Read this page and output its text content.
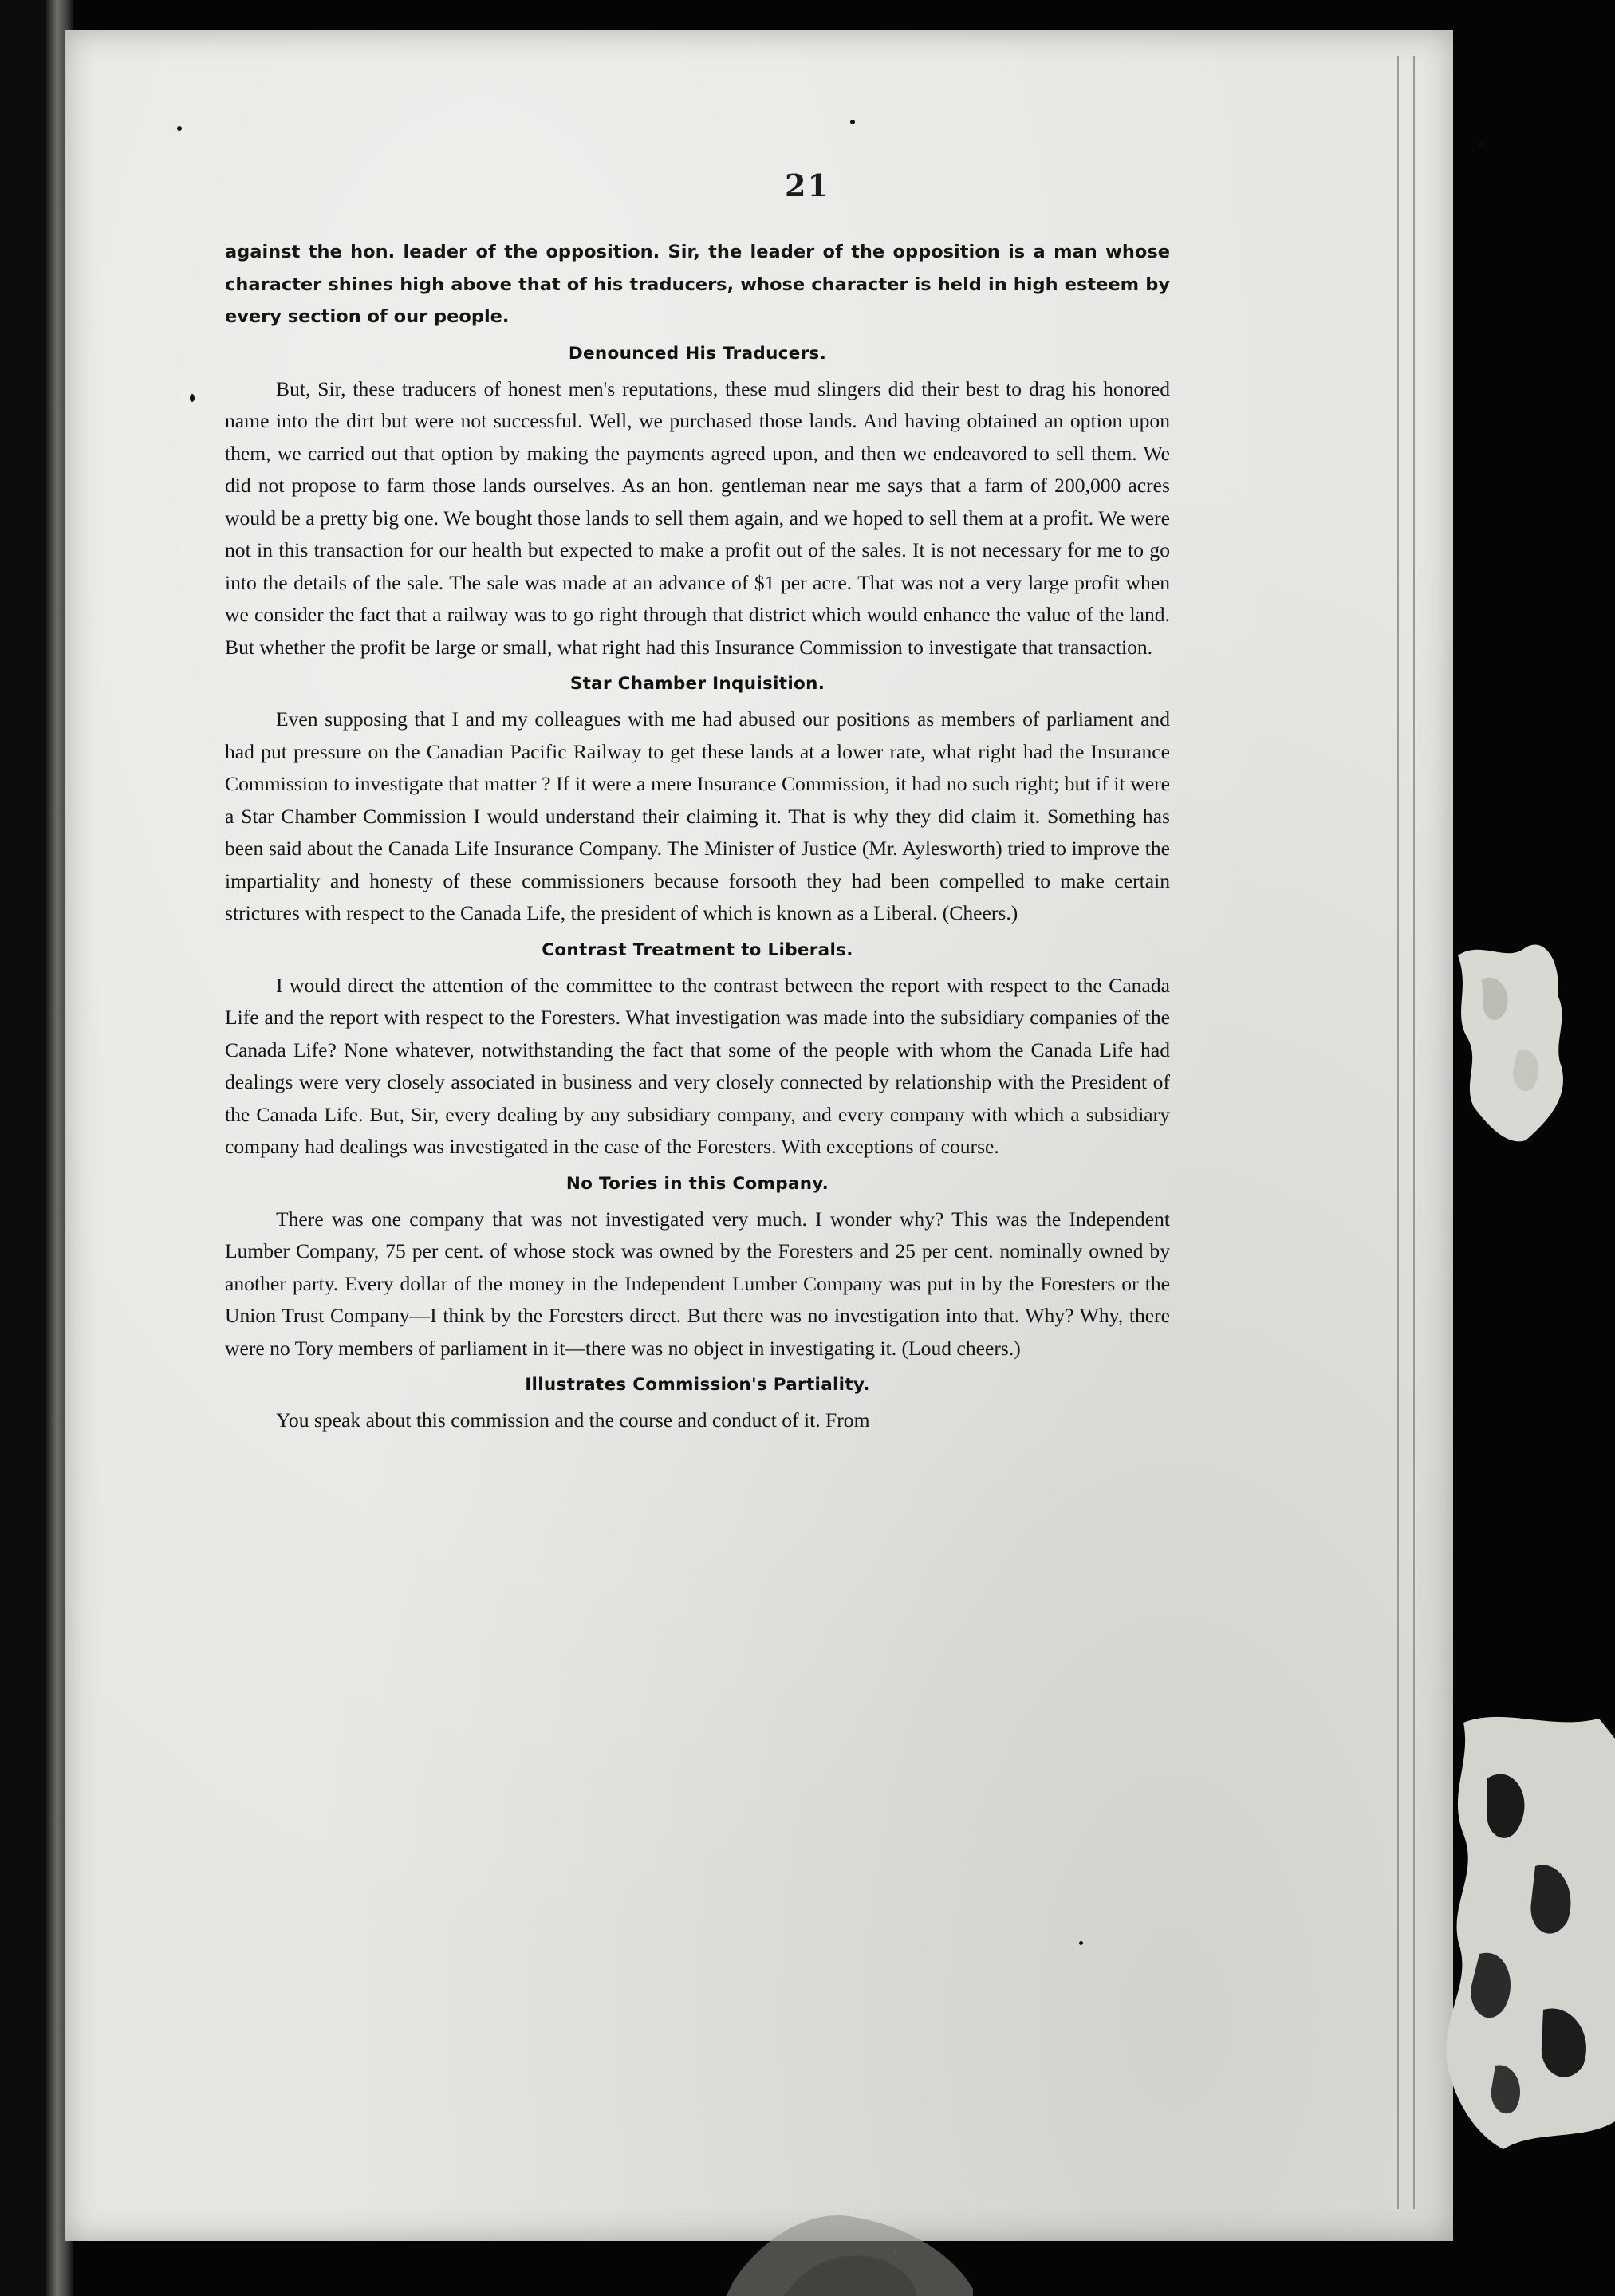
21

against the hon. leader of the opposition. Sir, the leader of the opposition is a man whose character shines high above that of his traducers, whose character is held in high esteem by every section of our people.

Denounced His Traducers.

But, Sir, these traducers of honest men's reputations, these mud slingers did their best to drag his honored name into the dirt but were not successful. Well, we purchased those lands. And having obtained an option upon them, we carried out that option by making the payments agreed upon, and then we endeavored to sell them. We did not propose to farm those lands ourselves. As an hon. gentleman near me says that a farm of 200,000 acres would be a pretty big one. We bought those lands to sell them again, and we hoped to sell them at a profit. We were not in this transaction for our health but expected to make a profit out of the sales. It is not necessary for me to go into the details of the sale. The sale was made at an advance of $1 per acre. That was not a very large profit when we consider the fact that a railway was to go right through that district which would enhance the value of the land. But whether the profit be large or small, what right had this Insurance Commission to investigate that transaction.

Star Chamber Inquisition.

Even supposing that I and my colleagues with me had abused our positions as members of parliament and had put pressure on the Canadian Pacific Railway to get these lands at a lower rate, what right had the Insurance Commission to investigate that matter ? If it were a mere Insurance Commission, it had no such right; but if it were a Star Chamber Commission I would understand their claiming it. That is why they did claim it. Something has been said about the Canada Life Insurance Company. The Minister of Justice (Mr. Aylesworth) tried to improve the impartiality and honesty of these commissioners because forsooth they had been compelled to make certain strictures with respect to the Canada Life, the president of which is known as a Liberal. (Cheers.)

Contrast Treatment to Liberals.

I would direct the attention of the committee to the contrast between the report with respect to the Canada Life and the report with respect to the Foresters. What investigation was made into the subsidiary companies of the Canada Life? None whatever, notwithstanding the fact that some of the people with whom the Canada Life had dealings were very closely associated in business and very closely connected by relationship with the President of the Canada Life. But, Sir, every dealing by any subsidiary company, and every company with which a subsidiary company had dealings was investigated in the case of the Foresters. With exceptions of course.

No Tories in this Company.

There was one company that was not investigated very much. I wonder why? This was the Independent Lumber Company, 75 per cent. of whose stock was owned by the Foresters and 25 per cent. nominally owned by another party. Every dollar of the money in the Independent Lumber Company was put in by the Foresters or the Union Trust Company—I think by the Foresters direct. But there was no investigation into that. Why? Why, there were no Tory members of parliament in it—there was no object in investigating it. (Loud cheers.)

Illustrates Commission's Partiality.

You speak about this commission and the course and conduct of it. From
